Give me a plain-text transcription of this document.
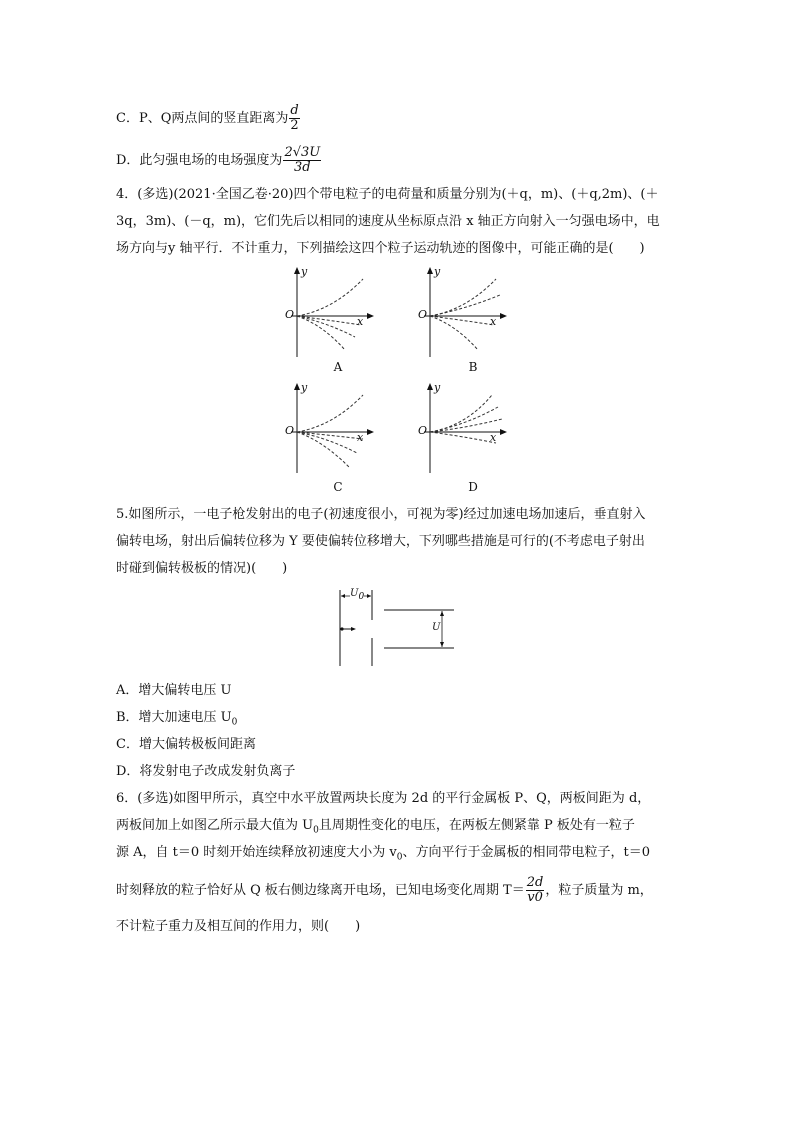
C．P、Q两点间的竖直距离为 $\frac{d}{2}$
D．此匀强电场的电场强度为 $\frac{2√3U}{3d}$
4．(多选)(2021·全国乙卷·20)四个带电粒子的电荷量和质量分别为(＋q，m)、(＋q,2m)、(＋
3q，3m)、(－q，m)，它们先后以相同的速度从坐标原点沿 x 轴正方向射入一匀强电场中，电
场方向与y 轴平行．不计重力，下列描绘这四个粒子运动轨迹的图像中，可能正确的是(　　)
y
x
O
A
y
x
O
B
y
x
O
C
y
x
O
D
5.如图所示，一电子枪发射出的电子(初速度很小，可视为零)经过加速电场加速后，垂直射入
偏转电场，射出后偏转位移为 Y 要使偏转位移增大，下列哪些措施是可行的(不考虑电子射出
时碰到偏转极板的情况)(　　)
U0
U
A．增大偏转电压 U
B．增大加速电压 $U_0$
C．增大偏转极板间距离
D．将发射电子改成发射负离子
6．(多选)如图甲所示，真空中水平放置两块长度为 2d 的平行金属板 P、Q，两板间距为 d，
两板间加上如图乙所示最大值为 $U_0$且周期性变化的电压，在两板左侧紧靠 P 板处有一粒子
源 A，自 t＝0 时刻开始连续释放初速度大小为 $v_0$、方向平行于金属板的相同带电粒子，t＝0
时刻释放的粒子恰好从 Q 板右侧边缘离开电场，已知电场变化周期 $T= \frac{2d}{v0}$ ，粒子质量为 m，
不计粒子重力及相互间的作用力，则(　　)
